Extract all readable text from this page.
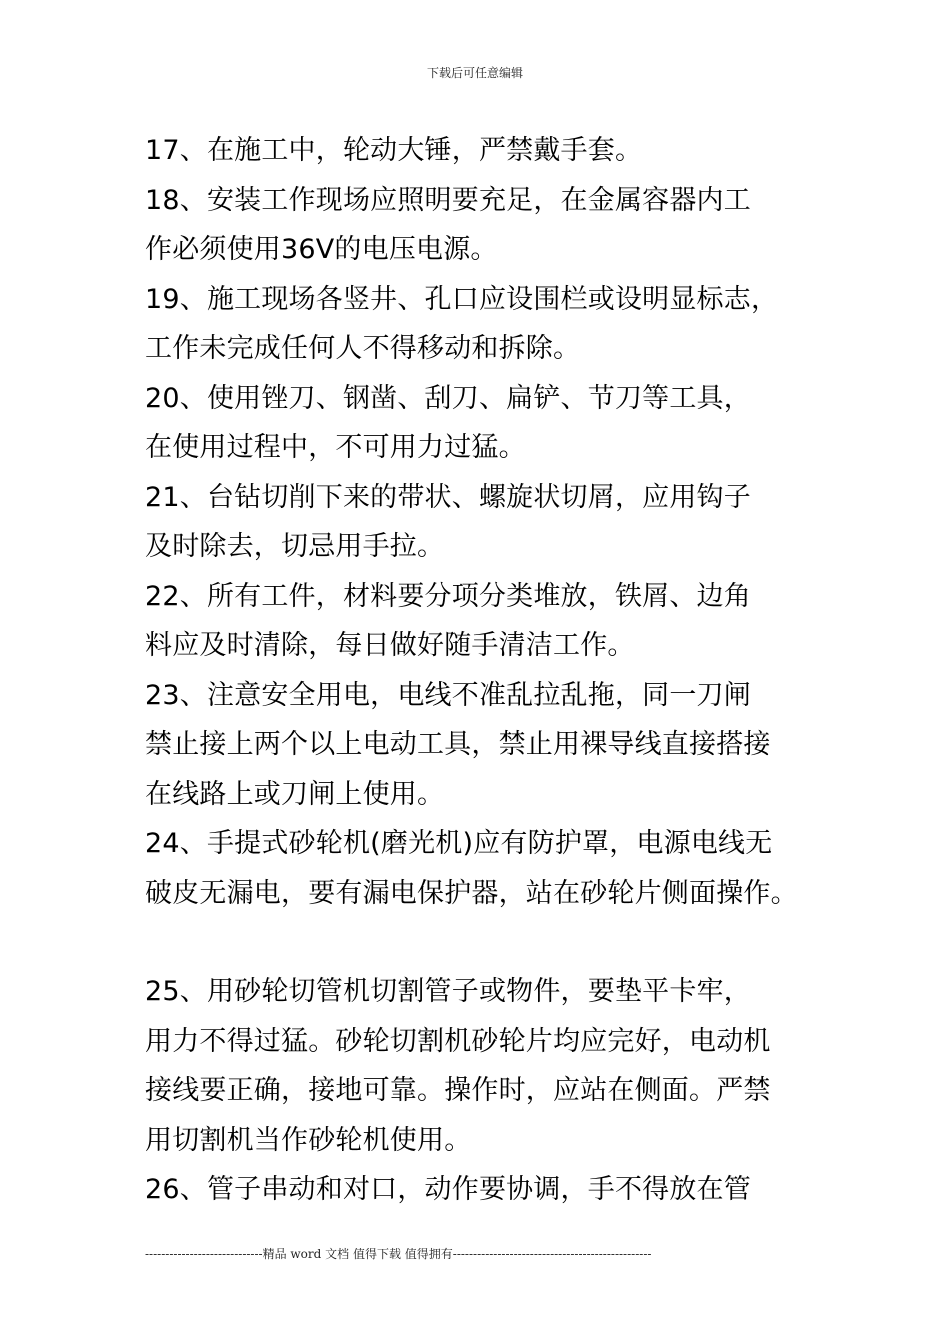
下载后可任意编辑
17、在施工中，轮动大锤，严禁戴手套。
18、安装工作现场应照明要充足，在金属容器内工
作必须使用36V的电压电源。
19、施工现场各竖井、孔口应设围栏或设明显标志，
工作未完成任何人不得移动和拆除。
20、使用锉刀、钢凿、刮刀、扁铲、节刀等工具，
在使用过程中，不可用力过猛。
21、台钻切削下来的带状、螺旋状切屑，应用钩子
及时除去，切忌用手拉。
22、所有工件，材料要分项分类堆放，铁屑、边角
料应及时清除，每日做好随手清洁工作。
23、注意安全用电，电线不准乱拉乱拖，同一刀闸
禁止接上两个以上电动工具，禁止用裸导线直接搭接
在线路上或刀闸上使用。
24、手提式砂轮机(磨光机)应有防护罩，电源电线无
破皮无漏电，要有漏电保护器，站在砂轮片侧面操作。
25、用砂轮切管机切割管子或物件，要垫平卡牢，
用力不得过猛。砂轮切割机砂轮片均应完好，电动机
接线要正确，接地可靠。操作时，应站在侧面。严禁
用切割机当作砂轮机使用。
26、管子串动和对口，动作要协调，手不得放在管
-----------------------------精品 word 文档 值得下载 值得拥有-------------------------------------------------
